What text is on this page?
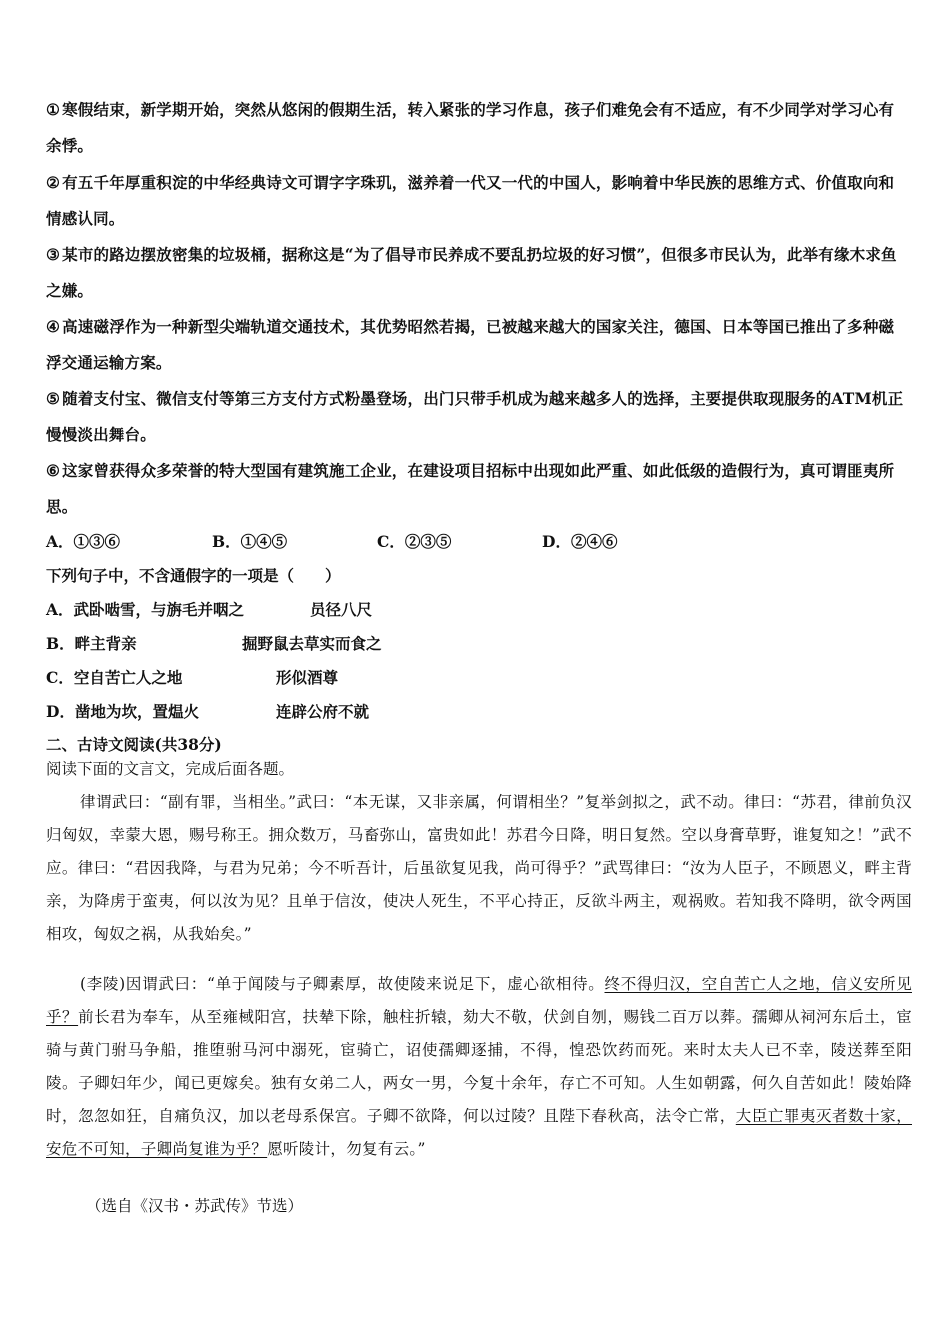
① 寒假结束，新学期开始，突然从悠闲的假期生活，转入紧张的学习作息，孩子们难免会有不适应，有不少同学对学习心有余悸。

② 有五千年厚重积淀的中华经典诗文可谓字字珠玑，滋养着一代又一代的中国人，影响着中华民族的思维方式、价值取向和情感认同。

③ 某市的路边摆放密集的垃圾桶，据称这是“为了倡导市民养成不要乱扔垃圾的好习惯”，但很多市民认为，此举有缘木求鱼之嫌。

④ 高速磁浮作为一种新型尖端轨道交通技术，其优势昭然若揭，已被越来越大的国家关注，德国、日本等国已推出了多种磁浮交通运输方案。

⑤ 随着支付宝、微信支付等第三方支付方式粉墨登场，出门只带手机成为越来越多人的选择，主要提供取现服务的ATM机正慢慢淡出舞台。

⑥ 这家曾获得众多荣誉的特大型国有建筑施工企业，在建设项目招标中出现如此严重、如此低级的造假行为，真可谓匪夷所思。

A．①③⑥	B．①④⑤	C．②③⑤	D．②④⑥
下列句子中，不含通假字的一项是（　　）
A．武卧啮雪，与旃毛并咽之	员径八尺
B．畔主背亲	掘野鼠去草实而食之
C．空自苦亡人之地	形似酒尊
D．凿地为坎，置煴火	连辟公府不就
二、古诗文阅读(共38分)
阅读下面的文言文，完成后面各题。

律谓武曰：“副有罪，当相坐。”武曰：“本无谋，又非亲属，何谓相坐？”复举剑拟之，武不动。律曰：“苏君，律前负汉归匈奴，幸蒙大恩，赐号称王。拥众数万，马畜弥山，富贵如此！苏君今日降，明日复然。空以身膏草野，谁复知之！”武不应。律曰：“君因我降，与君为兄弟；今不听吾计，后虽欲复见我，尚可得乎？”武骂律曰：“汝为人臣子，不顾恩义，畔主背亲，为降虏于蛮夷，何以汝为见？且单于信汝，使决人死生，不平心持正，反欲斗两主，观祸败。若知我不降明，欲令两国相攻，匈奴之祸，从我始矣。”

(李陵)因谓武曰：“单于闻陵与子卿素厚，故使陵来说足下，虚心欲相待。终不得归汉，空自苦亡人之地，信义安所见乎？前长君为奉车，从至雍棫阳宫，扶辇下除，触柱折辕，劾大不敬，伏剑自刎，赐钱二百万以葬。孺卿从祠河东后土，宦骑与黄门驸马争船，推堕驸马河中溺死，宦骑亡，诏使孺卿逐捕，不得，惶恐饮药而死。来时太夫人已不幸，陵送葬至阳陵。子卿妇年少，闻已更嫁矣。独有女弟二人，两女一男，今复十余年，存亡不可知。人生如朝露，何久自苦如此！陵始降时，忽忽如狂，自痛负汉，加以老母系保宫。子卿不欲降，何以过陵？且陛下春秋高，法令亡常，大臣亡罪夷灭者数十家，安危不可知，子卿尚复谁为乎？愿听陵计，勿复有云。”

（选自《汉书・苏武传》节选）
